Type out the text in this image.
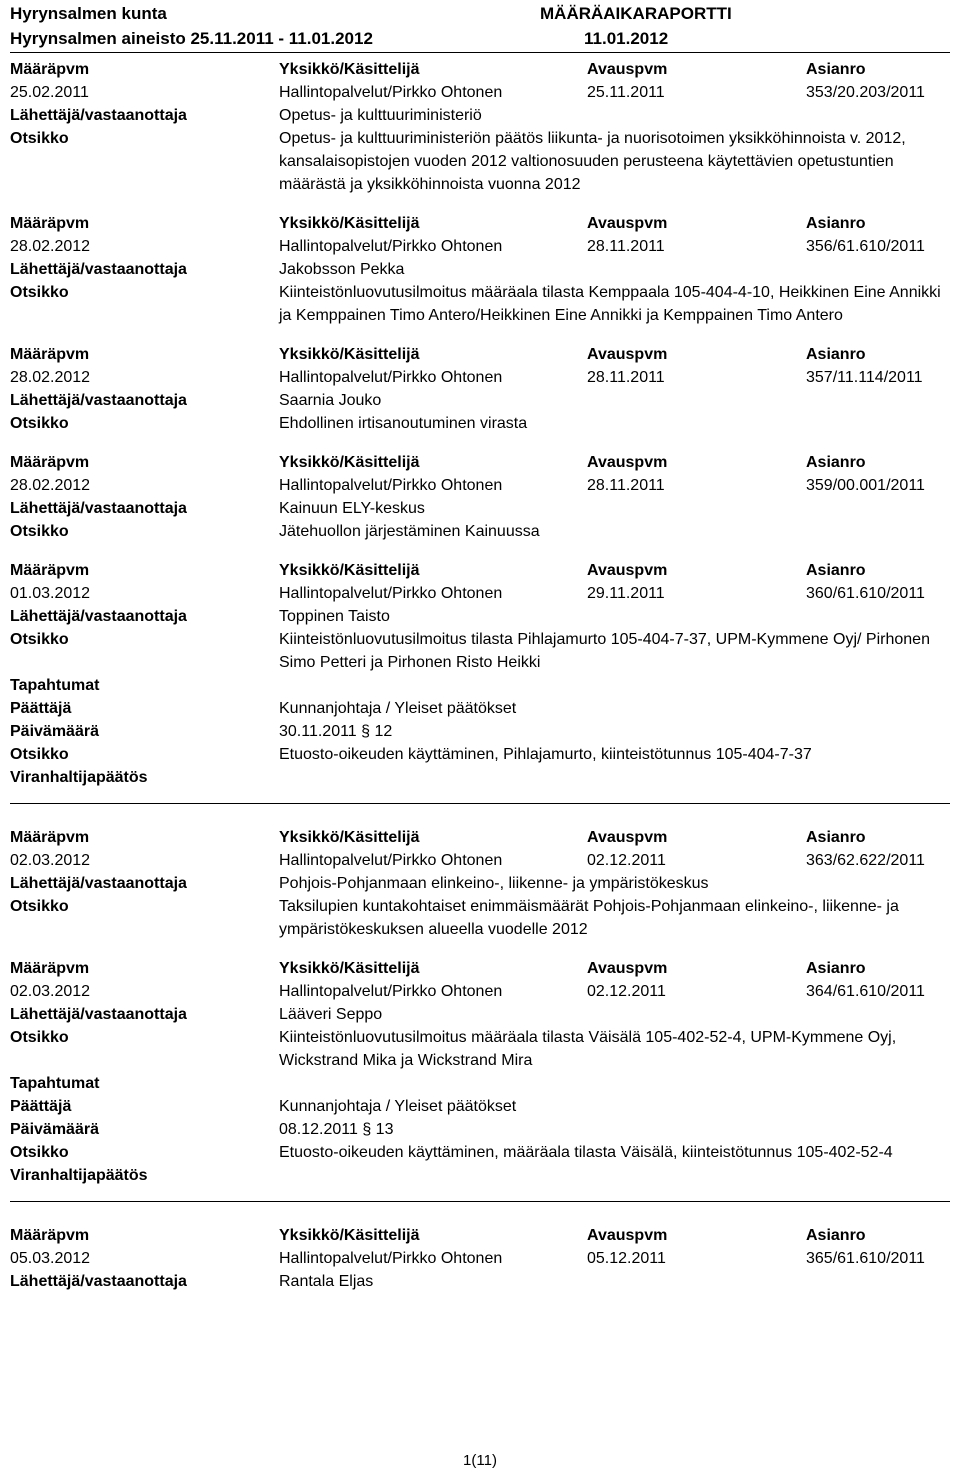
Hyrynsalmen kunta	MÄÄRÄAIKARAPORTTI
Hyrynsalmen aineisto 25.11.2011 - 11.01.2012	11.01.2012
Määräpvm	Yksikkö/Käsittelijä	Avauspvm	Asianro
25.02.2011	Hallintopalvelut/Pirkko Ohtonen	25.11.2011	353/20.203/2011
Lähettäjä/vastaanottaja	Opetus- ja kulttuuriministeriö
Otsikko	Opetus- ja kulttuuriministeriön päätös liikunta- ja nuorisotoimen yksikköhinnoista v. 2012, kansalaisopistojen vuoden 2012 valtionosuuden perusteena käytettävien opetustuntien määrästä ja yksikköhinnoista vuonna 2012
Määräpvm	Yksikkö/Käsittelijä	Avauspvm	Asianro
28.02.2012	Hallintopalvelut/Pirkko Ohtonen	28.11.2011	356/61.610/2011
Lähettäjä/vastaanottaja	Jakobsson Pekka
Otsikko	Kiinteistönluovutusilmoitus määräala tilasta Kemppaala 105-404-4-10, Heikkinen Eine Annikki ja Kemppainen Timo Antero/Heikkinen Eine Annikki ja Kemppainen Timo Antero
Määräpvm	Yksikkö/Käsittelijä	Avauspvm	Asianro
28.02.2012	Hallintopalvelut/Pirkko Ohtonen	28.11.2011	357/11.114/2011
Lähettäjä/vastaanottaja	Saarnia Jouko
Otsikko	Ehdollinen irtisanoutuminen virasta
Määräpvm	Yksikkö/Käsittelijä	Avauspvm	Asianro
28.02.2012	Hallintopalvelut/Pirkko Ohtonen	28.11.2011	359/00.001/2011
Lähettäjä/vastaanottaja	Kainuun ELY-keskus
Otsikko	Jätehuollon järjestäminen Kainuussa
Määräpvm	Yksikkö/Käsittelijä	Avauspvm	Asianro
01.03.2012	Hallintopalvelut/Pirkko Ohtonen	29.11.2011	360/61.610/2011
Lähettäjä/vastaanottaja	Toppinen Taisto
Otsikko	Kiinteistönluovutusilmoitus tilasta Pihlajamurto 105-404-7-37, UPM-Kymmene Oyj/ Pirhonen Simo Petteri ja Pirhonen Risto Heikki
Tapahtumat
Päättäjä	Kunnanjohtaja / Yleiset päätökset
Päivämäärä	30.11.2011 § 12
Otsikko	Etuosto-oikeuden käyttäminen, Pihlajamurto, kiinteistötunnus 105-404-7-37
Viranhaltijapäätös
Määräpvm	Yksikkö/Käsittelijä	Avauspvm	Asianro
02.03.2012	Hallintopalvelut/Pirkko Ohtonen	02.12.2011	363/62.622/2011
Lähettäjä/vastaanottaja	Pohjois-Pohjanmaan elinkeino-, liikenne- ja ympäristökeskus
Otsikko	Taksilupien kuntakohtaiset enimmäismäärät Pohjois-Pohjanmaan elinkeino-, liikenne- ja ympäristökeskuksen alueella vuodelle 2012
Määräpvm	Yksikkö/Käsittelijä	Avauspvm	Asianro
02.03.2012	Hallintopalvelut/Pirkko Ohtonen	02.12.2011	364/61.610/2011
Lähettäjä/vastaanottaja	Lääveri Seppo
Otsikko	Kiinteistönluovutusilmoitus määräala tilasta Väisälä 105-402-52-4, UPM-Kymmene Oyj, Wickstrand Mika ja Wickstrand Mira
Tapahtumat
Päättäjä	Kunnanjohtaja / Yleiset päätökset
Päivämäärä	08.12.2011 § 13
Otsikko	Etuosto-oikeuden käyttäminen, määräala tilasta Väisälä, kiinteistötunnus 105-402-52-4
Viranhaltijapäätös
Määräpvm	Yksikkö/Käsittelijä	Avauspvm	Asianro
05.03.2012	Hallintopalvelut/Pirkko Ohtonen	05.12.2011	365/61.610/2011
Lähettäjä/vastaanottaja	Rantala Eljas
1(11)
